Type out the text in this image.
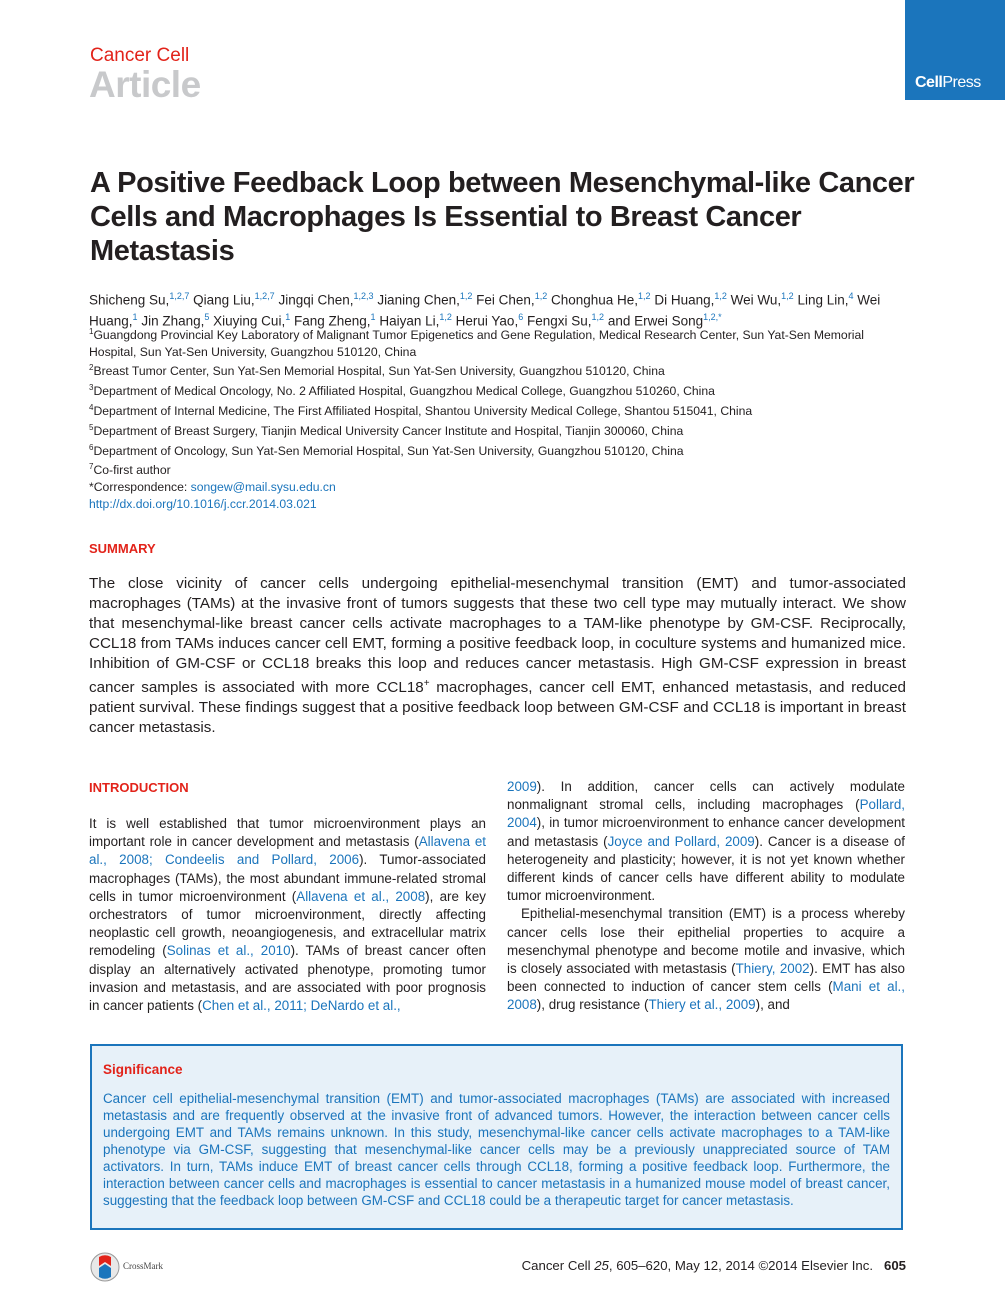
Cancer Cell
Article	CellPress
A Positive Feedback Loop between Mesenchymal-like Cancer Cells and Macrophages Is Essential to Breast Cancer Metastasis
Shicheng Su,$^{1,2,7}$ Qiang Liu,$^{1,2,7}$ Jingqi Chen,$^{1,2,3}$ Jianing Chen,$^{1,2}$ Fei Chen,$^{1,2}$ Chonghua He,$^{1,2}$ Di Huang,$^{1,2}$ Wei Wu,$^{1,2}$ Ling Lin,$^4$ Wei Huang,$^1$ Jin Zhang,$^5$ Xiuying Cui,$^1$ Fang Zheng,$^1$ Haiyan Li,$^{1,2}$ Herui Yao,$^6$ Fengxi Su,$^{1,2}$ and Erwei Song$^{1,2,*}$

$^1$Guangdong Provincial Key Laboratory of Malignant Tumor Epigenetics and Gene Regulation, Medical Research Center, Sun Yat-Sen Memorial Hospital, Sun Yat-Sen University, Guangzhou 510120, China

$^2$Breast Tumor Center, Sun Yat-Sen Memorial Hospital, Sun Yat-Sen University, Guangzhou 510120, China

$^3$Department of Medical Oncology, No. 2 Affiliated Hospital, Guangzhou Medical College, Guangzhou 510260, China

$^4$Department of Internal Medicine, The First Affiliated Hospital, Shantou University Medical College, Shantou 515041, China

$^5$Department of Breast Surgery, Tianjin Medical University Cancer Institute and Hospital, Tianjin 300060, China

$^6$Department of Oncology, Sun Yat-Sen Memorial Hospital, Sun Yat-Sen University, Guangzhou 510120, China

$^7$Co-first author

*Correspondence: songew@mail.sysu.edu.cn

http://dx.doi.org/10.1016/j.ccr.2014.03.021

SUMMARY
The close vicinity of cancer cells undergoing epithelial-mesenchymal transition (EMT) and tumor-associated macrophages (TAMs) at the invasive front of tumors suggests that these two cell type may mutually interact. We show that mesenchymal-like breast cancer cells activate macrophages to a TAM-like phenotype by GM-CSF. Reciprocally, CCL18 from TAMs induces cancer cell EMT, forming a positive feedback loop, in coculture systems and humanized mice. Inhibition of GM-CSF or CCL18 breaks this loop and reduces cancer metastasis. High GM-CSF expression in breast cancer samples is associated with more CCL18+ macrophages, cancer cell EMT, enhanced metastasis, and reduced patient survival. These findings suggest that a positive feedback loop between GM-CSF and CCL18 is important in breast cancer metastasis.
INTRODUCTION

It is well established that tumor microenvironment plays an important role in cancer development and metastasis (Allavena et al., 2008; Condeelis and Pollard, 2006). Tumor-associated macrophages (TAMs), the most abundant immune-related stromal cells in tumor microenvironment (Allavena et al., 2008), are key orchestrators of tumor microenvironment, directly affecting neoplastic cell growth, neoangiogenesis, and extracellular matrix remodeling (Solinas et al., 2010). TAMs of breast cancer often display an alternatively activated phenotype, promoting tumor invasion and metastasis, and are associated with poor prognosis in cancer patients (Chen et al., 2011; DeNardo et al.,

2009). In addition, cancer cells can actively modulate nonmalignant stromal cells, including macrophages (Pollard, 2004), in tumor microenvironment to enhance cancer development and metastasis (Joyce and Pollard, 2009). Cancer is a disease of heterogeneity and plasticity; however, it is not yet known whether different kinds of cancer cells have different ability to modulate tumor microenvironment.

Epithelial-mesenchymal transition (EMT) is a process whereby cancer cells lose their epithelial properties to acquire a mesenchymal phenotype and become motile and invasive, which is closely associated with metastasis (Thiery, 2002). EMT has also been connected to induction of cancer stem cells (Mani et al., 2008), drug resistance (Thiery et al., 2009), and

Significance
Cancer cell epithelial-mesenchymal transition (EMT) and tumor-associated macrophages (TAMs) are associated with increased metastasis and are frequently observed at the invasive front of advanced tumors. However, the interaction between cancer cells undergoing EMT and TAMs remains unknown. In this study, mesenchymal-like cancer cells activate macrophages to a TAM-like phenotype via GM-CSF, suggesting that mesenchymal-like cancer cells may be a previously unappreciated source of TAM activators. In turn, TAMs induce EMT of breast cancer cells through CCL18, forming a positive feedback loop. Furthermore, the interaction between cancer cells and macrophages is essential to cancer metastasis in a humanized mouse model of breast cancer, suggesting that the feedback loop between GM-CSF and CCL18 could be a therapeutic target for cancer metastasis.
CrossMark	Cancer Cell 25, 605–620, May 12, 2014 ©2014 Elsevier Inc. 605
